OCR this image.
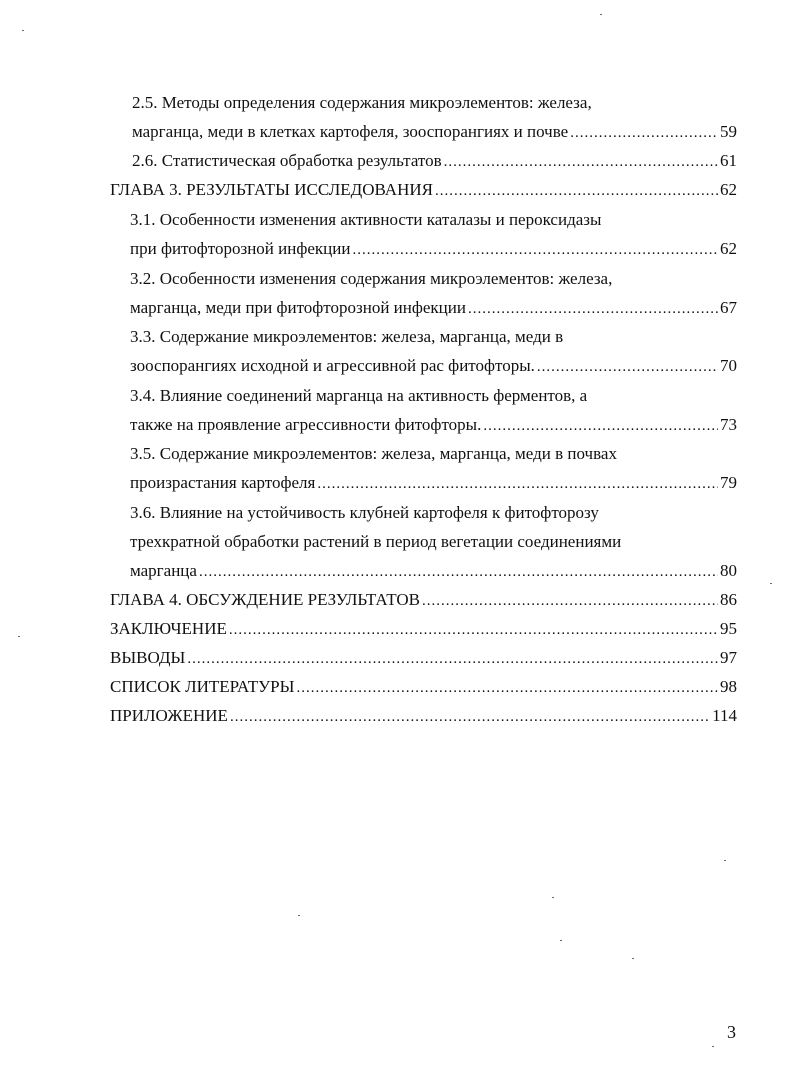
2.5. Методы определения содержания микроэлементов: железа,
марганца, меди в клетках картофеля, зооспорангиях и почве .....	59
2.6. Статистическая обработка результатов .....	61
ГЛАВА 3. РЕЗУЛЬТАТЫ ИССЛЕДОВАНИЯ .....	62
3.1. Особенности изменения активности каталазы и пероксидазы
при фитофторозной инфекции .....	62
3.2. Особенности изменения содержания микроэлементов: железа,
марганца, меди при фитофторозной инфекции .....	67
3.3. Содержание микроэлементов: железа, марганца, меди в
зооспорангиях исходной и агрессивной рас фитофторы. .....	70
3.4. Влияние соединений марганца на активность ферментов, а
также на проявление агрессивности фитофторы. .....	73
3.5. Содержание микроэлементов: железа, марганца, меди в почвах
произрастания картофеля .....	79
3.6. Влияние на устойчивость клубней картофеля к фитофторозу
трехкратной обработки растений в период вегетации соединениями
марганца .....	80
ГЛАВА 4. ОБСУЖДЕНИЕ РЕЗУЛЬТАТОВ .....	86
ЗАКЛЮЧЕНИЕ .....	95
ВЫВОДЫ .....	97
СПИСОК ЛИТЕРАТУРЫ .....	98
ПРИЛОЖЕНИЕ .....	114
3
